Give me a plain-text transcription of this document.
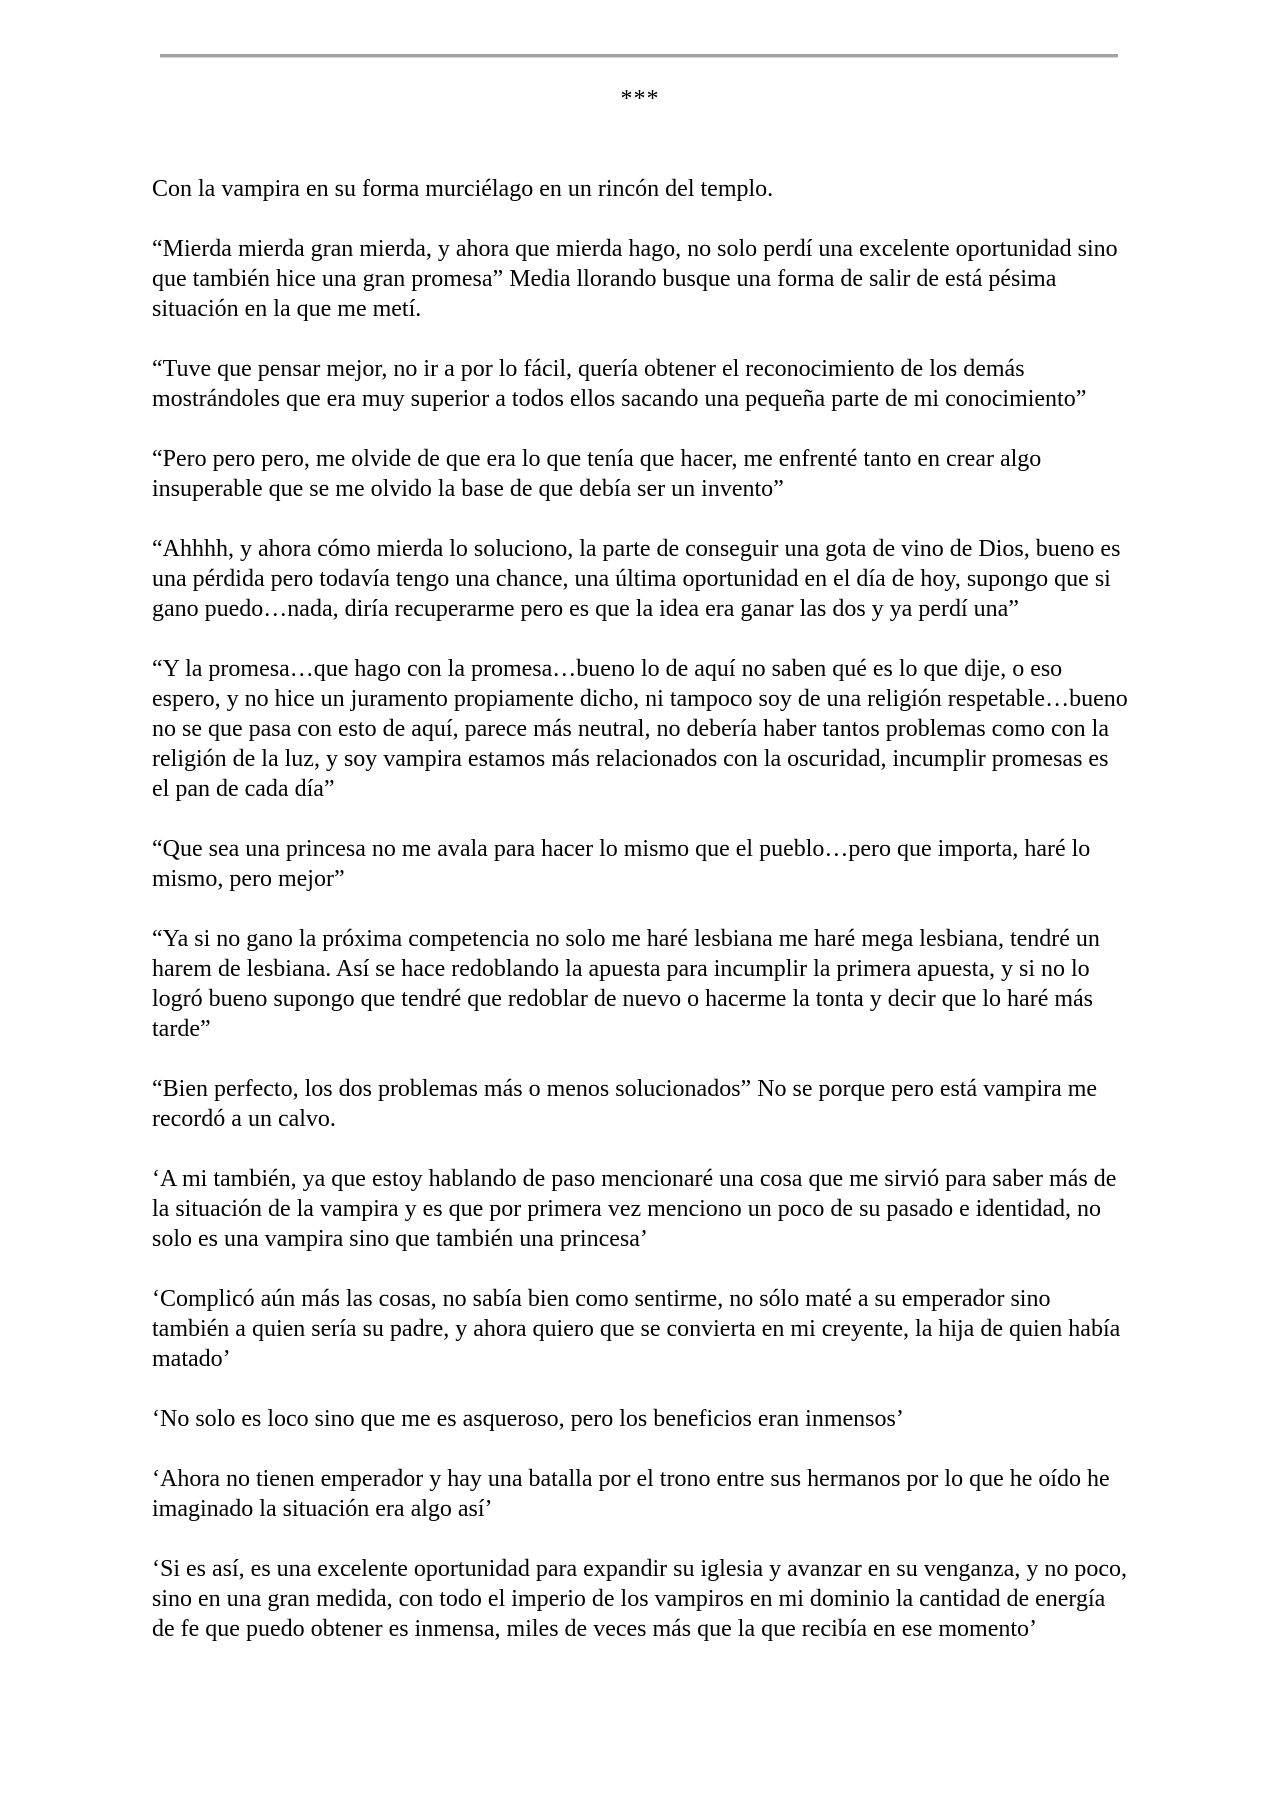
***

Con la vampira en su forma murciélago en un rincón del templo.

“Mierda mierda gran mierda, y ahora que mierda hago, no solo perdí una excelente oportunidad sino que también hice una gran promesa” Media llorando busque una forma de salir de está pésima situación en la que me metí.

“Tuve que pensar mejor, no ir a por lo fácil, quería obtener el reconocimiento de los demás mostrándoles que era muy superior a todos ellos sacando una pequeña parte de mi conocimiento”

“Pero pero pero, me olvide de que era lo que tenía que hacer, me enfrenté tanto en crear algo insuperable que se me olvido la base de que debía ser un invento”

“Ahhhh, y ahora cómo mierda lo soluciono, la parte de conseguir una gota de vino de Dios, bueno es una pérdida pero todavía tengo una chance, una última oportunidad en el día de hoy, supongo que si gano puedo…nada, diría recuperarme pero es que la idea era ganar las dos y ya perdí una”

“Y la promesa…que hago con la promesa…bueno lo de aquí no saben qué es lo que dije, o eso espero, y no hice un juramento propiamente dicho, ni tampoco soy de una religión respetable…bueno no se que pasa con esto de aquí, parece más neutral, no debería haber tantos problemas como con la religión de la luz, y soy vampira estamos más relacionados con la oscuridad, incumplir promesas es el pan de cada día”

“Que sea una princesa no me avala para hacer lo mismo que el pueblo…pero que importa, haré lo mismo, pero mejor”

“Ya si no gano la próxima competencia no solo me haré lesbiana me haré mega lesbiana, tendré un harem de lesbiana. Así se hace redoblando la apuesta para incumplir la primera apuesta, y si no lo logró bueno supongo que tendré que redoblar de nuevo o hacerme la tonta y decir que lo haré más tarde”

“Bien perfecto, los dos problemas más o menos solucionados” No se porque pero está vampira me recordó a un calvo.

‘A mi también, ya que estoy hablando de paso mencionaré una cosa que me sirvió para saber más de la situación de la vampira y es que por primera vez menciono un poco de su pasado e identidad, no solo es una vampira sino que también una princesa’

‘Complicó aún más las cosas, no sabía bien como sentirme, no sólo maté a su emperador sino también a quien sería su padre, y ahora quiero que se convierta en mi creyente, la hija de quien había matado’

‘No solo es loco sino que me es asqueroso, pero los beneficios eran inmensos’

‘Ahora no tienen emperador y hay una batalla por el trono entre sus hermanos por lo que he oído he imaginado la situación era algo así’

‘Si es así, es una excelente oportunidad para expandir su iglesia y avanzar en su venganza, y no poco, sino en una gran medida, con todo el imperio de los vampiros en mi dominio la cantidad de energía de fe que puedo obtener es inmensa, miles de veces más que la que recibía en ese momento’
